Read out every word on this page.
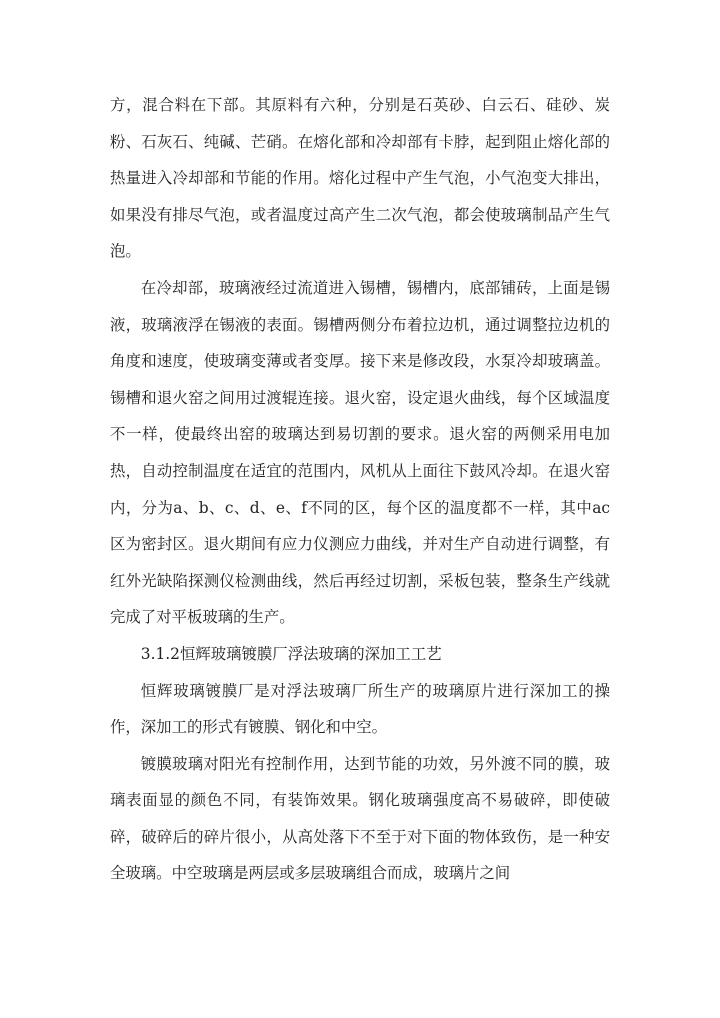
方，混合料在下部。其原料有六种，分别是石英砂、白云石、硅砂、炭粉、石灰石、纯碱、芒硝。在熔化部和冷却部有卡脖，起到阻止熔化部的热量进入冷却部和节能的作用。熔化过程中产生气泡，小气泡变大排出，如果没有排尽气泡，或者温度过高产生二次气泡，都会使玻璃制品产生气泡。

在冷却部，玻璃液经过流道进入锡槽，锡槽内，底部铺砖，上面是锡液，玻璃液浮在锡液的表面。锡槽两侧分布着拉边机，通过调整拉边机的角度和速度，使玻璃变薄或者变厚。接下来是修改段，水泵冷却玻璃盖。锡槽和退火窑之间用过渡辊连接。退火窑，设定退火曲线，每个区域温度不一样，使最终出窑的玻璃达到易切割的要求。退火窑的两侧采用电加热，自动控制温度在适宜的范围内，风机从上面往下鼓风冷却。在退火窑内，分为a、b、c、d、e、f不同的区，每个区的温度都不一样，其中ac区为密封区。退火期间有应力仪测应力曲线，并对生产自动进行调整，有红外光缺陷探测仪检测曲线，然后再经过切割，采板包装，整条生产线就完成了对平板玻璃的生产。

3.1.2恒辉玻璃镀膜厂浮法玻璃的深加工工艺

恒辉玻璃镀膜厂是对浮法玻璃厂所生产的玻璃原片进行深加工的操作，深加工的形式有镀膜、钢化和中空。

镀膜玻璃对阳光有控制作用，达到节能的功效，另外渡不同的膜，玻璃表面显的颜色不同，有装饰效果。钢化玻璃强度高不易破碎，即使破碎，破碎后的碎片很小，从高处落下不至于对下面的物体致伤，是一种安全玻璃。中空玻璃是两层或多层玻璃组合而成，玻璃片之间
